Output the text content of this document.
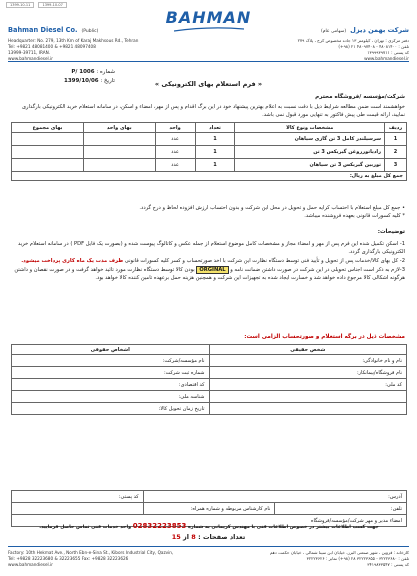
1399-10-11	1399-10-07
BAHMAN
Bahman Diesel Co. (Public)	شرکت بهمن دیزل(سهامی عام)
Headquarter: No. 279, 13th Km of Karaj Makhsous Rd., Tehran
Tel: +9821 48081400 & +9821 48097408
13999-39711, IRAN.
www.bahmandiesel.ir
دفتر مرکزی : تهران ، کیلومتر ۱۳ جاده مخصوص کرج ، پلاک ۲۷۹
تلفن : ۴۸۰۸۱۴۰۰ - ۴۸۰۹۷۴۰۸ ۲۱ (۹۸+)
کد پستی : ۱۳۹۹۹۳۹۷۱۱
www.bahmandiesel.ir
شماره : P/ 1006
تاریخ : 1399/10/06	« فرم استعلام بهای الکترونیکی »
شرکت/مؤسسه /فروشگاه محترم
خواهشمند است ضمن مطالعه شرایط ذیل با دقت نسبت به اعلام بهترین پیشنهاد خود در این برگ اقدام و پس از مهر، امضاء و اسکن، در سامانه استعلام خرید الکترونیکی بارگذاری نمایید، ارائه قیمت طی پیش فاکتور به تنهایی مورد قبول نمی باشد.
ردیف	مشخصات ونوع کالا	تعداد	واحد	بهای واحد	بهای مجموع
1	سرسیلندر کامل 3 تن گازی سیاهان	1	عدد		
2	رادیاتورروغن گیربکس 3 تن	1	عدد		
3	توربین گیربکس 3 تن سیاهان	1	عدد		
جمع کل مبلغ به ریال:					
• جمع کل مبلغ استعلام با احتساب کرایه حمل و تحویل در محل این شرکت و بدون احتساب ارزش افزوده لحاظ و درج گردد.
* کلیه کسورات قانونی بعهده فروشنده میباشد.
توضیحات:

1- اسکن تکمیل شده این فرم پس از مهر و امضاء مجاز و مشخصات کامل موضوع استعلام از جمله عکس و کاتالوگ پیوست شده و (بصورت یک فایل PDF ) در سامانه استعلام خرید الکترونیکی بارگذاری گردد.

2- کل بهای کالا/خدمات پس از تحویل و تأیید فنی توسط دستگاه نظارت این شرکت با اخذ صورتحساب و کسر کلیه کسورات قانونی ظرف مدت یک ماه کاری پرداخت میشود.

3-لازم به ذکر است اجناس تحویلی در این شرکت در صورت داشتن ضمانت نامه و ORGINAL بودن کالا توسط دستگاه نظارت مورد تائید خواهد گرفت و در صورت نقصان و داشتن هرگونه اشکالی کالا مرجوع داده خواهد شد و خسارت ایجاد شده به تجهیزات این شرکت و همچنین هزینه حمل برعهده تامین کننده کالا خواهد بود.

مشخصات ذیل در برگه استعلام و صورتحساب الزامی است:
شخص حقیقی	اشخاص حقوقی
نام و نام خانوادگی:	نام مؤسسه/شرکت:
نام فروشگاه/پیمانکار:	شماره ثبت شرکت:
کد ملی:	کد اقتصادی:
	شناسه ملی:
	تاریخ زمان تحویل کالا:
آدرس:		کد پستی:
تلفن:	نام کارشناس مربوطه و شماره همراه:	
امضاء مدیر و مهر شرکت/مؤسسه/فروشگاه		
جهت کسب اطلاعات بیشتر در خصوص اطلاعات فنی با مهندس کریمانی به شماره 02832223853 واحد خدمات فنی تماس حاصل فرمایید.
تعداد صفحات : 8 از 15
Factory: 10th Hekmat Ave., North Ebn-e-Sina St., Kibors Industrial City, Qazvin,
Tel: +9828 32223680 & 32223655 Fax: +9828 32223626
www.bahmandiesel.ir
کارخانه : قزوین ، شهر صنعتی البرز، خیابان ابن سینا شمالی ، خیابان حکمت دهم
تلفن : ۳۲۲۲۳۶۸۰ - ۳۲۲۲۳۶۵۵ ۲۸ (۹۸+) نمابر : ۳۲۲۲۳۶۲۶
کد پستی : ۳۴۱۹۸۳۳۵۴۷
